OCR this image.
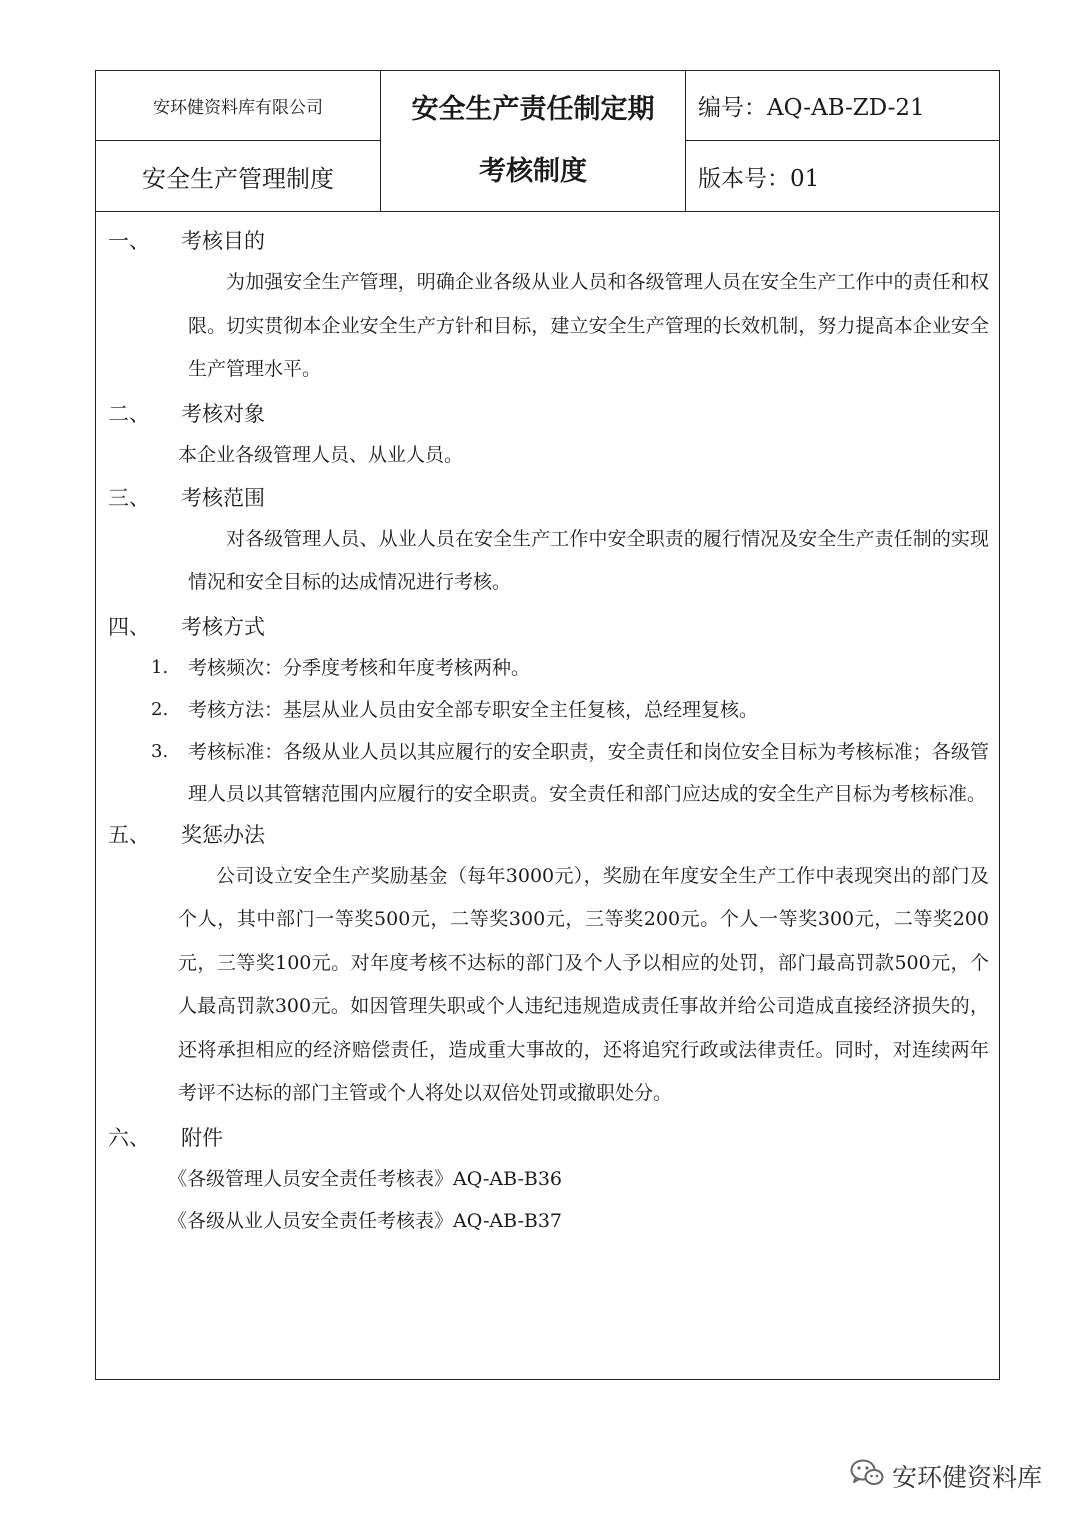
安环健资料库有限公司
安全生产管理制度
安全生产责任制定期
考核制度
编号：AQ-AB-ZD-21
版本号：01
一、 考核目的

为加强安全生产管理，明确企业各级从业人员和各级管理人员在安全生产工作中的责任和权限。切实贯彻本企业安全生产方针和目标，建立安全生产管理的长效机制，努力提高本企业安全生产管理水平。

二、 考核对象

本企业各级管理人员、从业人员。

三、 考核范围

对各级管理人员、从业人员在安全生产工作中安全职责的履行情况及安全生产责任制的实现情况和安全目标的达成情况进行考核。

四、 考核方式
1. 考核频次：分季度考核和年度考核两种。
2. 考核方法：基层从业人员由安全部专职安全主任复核，总经理复核。
3. 考核标准：各级从业人员以其应履行的安全职责，安全责任和岗位安全目标为考核标准；各级管理人员以其管辖范围内应履行的安全职责。安全责任和部门应达成的安全生产目标为考核标准。
五、 奖惩办法

公司设立安全生产奖励基金（每年3000元），奖励在年度安全生产工作中表现突出的部门及个人，其中部门一等奖500元，二等奖300元，三等奖200元。个人一等奖300元，二等奖200元，三等奖100元。对年度考核不达标的部门及个人予以相应的处罚，部门最高罚款500元，个人最高罚款300元。如因管理失职或个人违纪违规造成责任事故并给公司造成直接经济损失的，还将承担相应的经济赔偿责任，造成重大事故的，还将追究行政或法律责任。同时，对连续两年考评不达标的部门主管或个人将处以双倍处罚或撤职处分。

六、 附件
《各级管理人员安全责任考核表》AQ-AB-B36
《各级从业人员安全责任考核表》AQ-AB-B37
安环健资料库
